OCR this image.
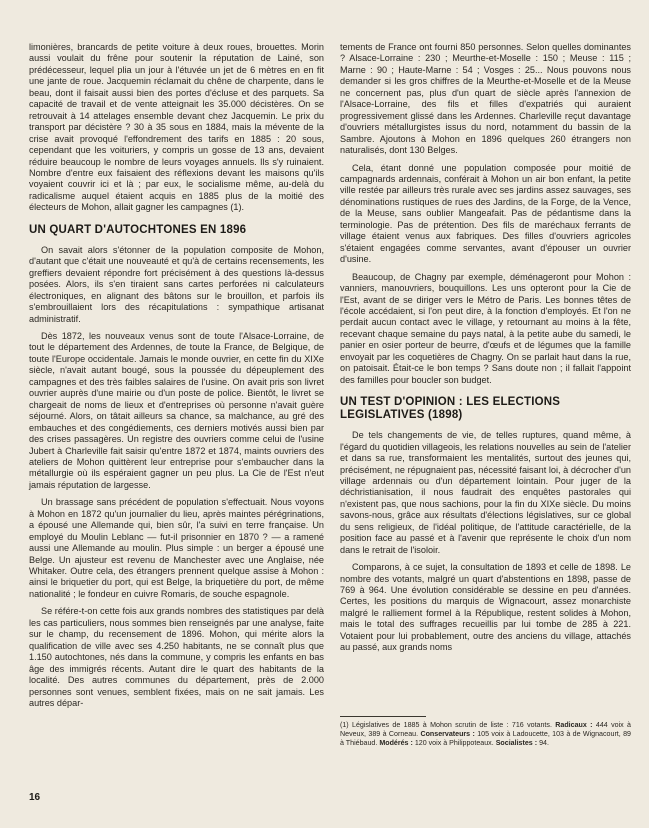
limonières, brancards de petite voiture à deux roues, brouettes. Morin aussi voulait du frêne pour soutenir la réputation de Lainé, son prédécesseur, lequel plia un jour à l'étuvée un jet de 6 mètres en en fit une jante de roue. Jacquemin réclamait du chêne de charpente, dans le beau, dont il faisait aussi bien des portes d'écluse et des parquets. Sa capacité de travail et de vente atteignait les 35.000 décistères. On se retrouvait à 14 attelages ensemble devant chez Jacquemin. Le prix du transport par décistère ? 30 à 35 sous en 1884, mais la mévente de la crise avait provoqué l'effondrement des tarifs en 1885 : 20 sous, cependant que les voituriers, y compris un gosse de 13 ans, devaient réduire beaucoup le nombre de leurs voyages annuels. Ils s'y ruinaient. Nombre d'entre eux faisaient des réflexions devant les maisons qu'ils voyaient couvrir ici et là ; par eux, le socialisme même, au-delà du radicalisme auquel étaient acquis en 1885 plus de la moitié des électeurs de Mohon, allait gagner les campagnes (1).

UN QUART D'AUTOCHTONES EN 1896

On savait alors s'étonner de la population composite de Mohon, d'autant que c'était une nouveauté et qu'à de certains recensements, les greffiers devaient répondre fort précisément à des questions là-dessus posées. Alors, ils s'en tiraient sans cartes perforées ni calculateurs électroniques, en alignant des bâtons sur le brouillon, et parfois ils s'embrouillaient lors des récapitulations : sympathique artisanat administratif.

Dès 1872, les nouveaux venus sont de toute l'Alsace-Lorraine, de tout le département des Ardennes, de toute la France, de Belgique, de toute l'Europe occidentale. Jamais le monde ouvrier, en cette fin du XIXe siècle, n'avait autant bougé, sous la poussée du dépeuplement des campagnes et des très faibles salaires de l'usine. On avait pris son livret ouvrier auprès d'une mairie ou d'un poste de police. Bientôt, le livret se chargeait de noms de lieux et d'entreprises où personne n'avait guère séjourné. Alors, on tâtait ailleurs sa chance, sa malchance, au gré des embauches et des congédiements, ces derniers motivés aussi bien par des crises passagères. Un registre des ouvriers comme celui de l'usine Jubert à Charleville fait saisir qu'entre 1872 et 1874, maints ouvriers des ateliers de Mohon quittèrent leur entreprise pour s'embaucher dans la métallurgie où ils espéraient gagner un peu plus. La Cie de l'Est n'eut jamais réputation de largesse.

Un brassage sans précédent de population s'effectuait. Nous voyons à Mohon en 1872 qu'un journalier du lieu, après maintes pérégrinations, a épousé une Allemande qui, bien sûr, l'a suivi en terre française. Un employé du Moulin Leblanc — fut-il prisonnier en 1870 ? — a ramené aussi une Allemande au moulin. Plus simple : un berger a épousé une Belge. Un ajusteur est revenu de Manchester avec une Anglaise, née Whitaker. Outre cela, des étrangers prennent quelque assise à Mohon : ainsi le briquetier du port, qui est Belge, la briquetière du port, de même nationalité ; le fondeur en cuivre Romaris, de souche espagnole.

Se référe-t-on cette fois aux grands nombres des statistiques par delà les cas particuliers, nous sommes bien renseignés par une analyse, faite sur le champ, du recensement de 1896. Mohon, qui mérite alors la qualification de ville avec ses 4.250 habitants, ne se connaît plus que 1.150 autochtones, nés dans la commune, y compris les enfants en bas âge des immigrés récents. Autant dire le quart des habitants de la localité. Des autres communes du département, près de 2.000 personnes sont venues, semblent fixées, mais on ne sait jamais. Les autres dépar-

tements de France ont fourni 850 personnes. Selon quelles dominantes ? Alsace-Lorraine : 230 ; Meurthe-et-Moselle : 150 ; Meuse : 115 ; Marne : 90 ; Haute-Marne : 54 ; Vosges : 25... Nous pouvons nous demander si les gros chiffres de la Meurthe-et-Moselle et de la Meuse ne concernent pas, plus d'un quart de siècle après l'annexion de l'Alsace-Lorraine, des fils et filles d'expatriés qui auraient progressivement glissé dans les Ardennes. Charleville reçut davantage d'ouvriers métallurgistes issus du nord, notamment du bassin de la Sambre. Ajoutons à Mohon en 1896 quelques 260 étrangers non naturalisés, dont 130 Belges.

Cela, étant donné une population composée pour moitié de campagnards ardennais, conférait à Mohon un air bon enfant, la petite ville restée par ailleurs très rurale avec ses jardins assez sauvages, ses dénominations rustiques de rues des Jardins, de la Forge, de la Vence, de la Meuse, sans oublier Mangeafait. Pas de pédantisme dans la terminologie. Pas de prétention. Des fils de maréchaux ferrants de village étaient venus aux fabriques. Des filles d'ouvriers agricoles s'étaient engagées comme servantes, avant d'épouser un ouvrier d'usine.

Beaucoup, de Chagny par exemple, déménageront pour Mohon : vanniers, manouvriers, bouquillons. Les uns opteront pour la Cie de l'Est, avant de se diriger vers le Métro de Paris. Les bonnes têtes de l'école accédaient, si l'on peut dire, à la fonction d'employés. Et l'on ne perdait aucun contact avec le village, y retournant au moins à la fête, recevant chaque semaine du pays natal, à la petite aube du samedi, le panier en osier porteur de beurre, d'œufs et de légumes que la famille envoyait par les coquetières de Chagny. On se parlait haut dans la rue, on patoisait. Était-ce le bon temps ? Sans doute non ; il fallait l'appoint des familles pour boucler son budget.

UN TEST D'OPINION : LES ELECTIONS LEGISLATIVES (1898)

De tels changements de vie, de telles ruptures, quand même, à l'égard du quotidien villageois, les relations nouvelles au sein de l'atelier et dans sa rue, transformaient les mentalités, surtout des jeunes qui, précisément, ne répugnaient pas, nécessité faisant loi, à décrocher d'un village ardennais ou d'un département lointain. Pour juger de la déchristianisation, il nous faudrait des enquêtes pastorales qui n'existent pas, que nous sachions, pour la fin du XIXe siècle. Du moins savons-nous, grâce aux résultats d'élections législatives, sur ce global du sens religieux, de l'idéal politique, de l'attitude caractérielle, de la position face au passé et à l'avenir que représente le choix d'un nom dans le retrait de l'isoloir.

Comparons, à ce sujet, la consultation de 1893 et celle de 1898. Le nombre des votants, malgré un quart d'abstentions en 1898, passe de 769 à 964. Une évolution considérable se dessine en peu d'années. Certes, les positions du marquis de Wignacourt, assez monarchiste malgré le ralliement formel à la République, restent solides à Mohon, mais le total des suffrages recueillis par lui tombe de 285 à 221. Votaient pour lui probablement, outre des anciens du village, attachés au passé, aux grands noms

(1) Législatives de 1885 à Mohon scrutin de liste : 716 votants. Radicaux : 444 voix à Neveux, 389 à Corneau. Conservateurs : 105 voix à Ladoucette, 103 à de Wignacourt, 89 à Thiébaud. Modérés : 120 voix à Philippoteaux. Socialistes : 94.
16
